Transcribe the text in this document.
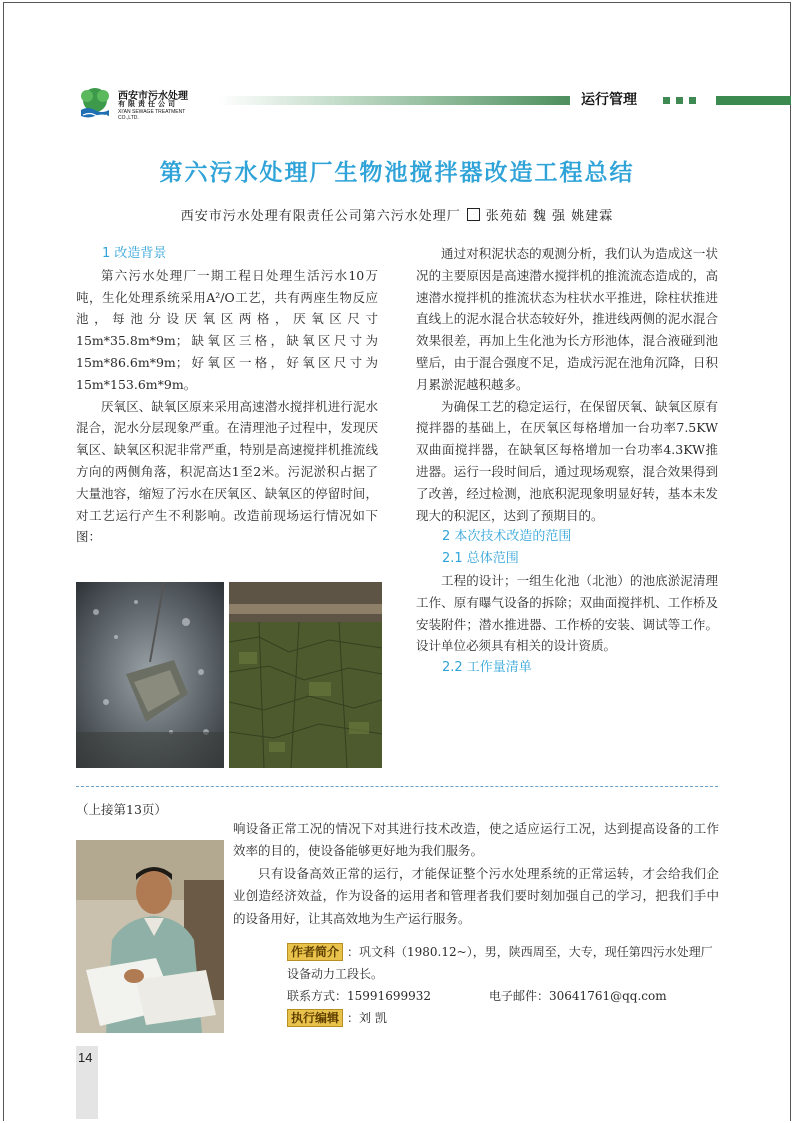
西安市污水处理
有限责任公司
XI'AN SEWAGE TREATMENT CO.,LTD.
运行管理
第六污水处理厂生物池搅拌器改造工程总结
西安市污水处理有限责任公司第六污水处理厂 张苑茹 魏 强 姚建霖
1 改造背景

第六污水处理厂一期工程日处理生活污水10万吨，生化处理系统采用A²/O工艺，共有两座生物反应池，每池分设厌氧区两格，厌氧区尺寸15m*35.8m*9m；缺氧区三格，缺氧区尺寸为15m*86.6m*9m；好氧区一格，好氧区尺寸为15m*153.6m*9m。

厌氧区、缺氧区原来采用高速潜水搅拌机进行泥水混合，泥水分层现象严重。在清理池子过程中，发现厌氧区、缺氧区积泥非常严重，特别是高速搅拌机推流线方向的两侧角落，积泥高达1至2米。污泥淤积占据了大量池容，缩短了污水在厌氧区、缺氧区的停留时间，对工艺运行产生不利影响。改造前现场运行情况如下图：

通过对积泥状态的观测分析，我们认为造成这一状况的主要原因是高速潜水搅拌机的推流流态造成的，高速潜水搅拌机的推流状态为柱状水平推进，除柱状推进直线上的泥水混合状态较好外，推进线两侧的泥水混合效果很差，再加上生化池为长方形池体，混合液碰到池壁后，由于混合强度不足，造成污泥在池角沉降，日积月累淤泥越积越多。

为确保工艺的稳定运行，在保留厌氧、缺氧区原有搅拌器的基础上，在厌氧区每格增加一台功率7.5KW双曲面搅拌器，在缺氧区每格增加一台功率4.3KW推进器。运行一段时间后，通过现场观察，混合效果得到了改善，经过检测，池底积泥现象明显好转，基本未发现大的积泥区，达到了预期目的。

2 本次技术改造的范围
2.1 总体范围

工程的设计；一组生化池（北池）的池底淤泥清理工作、原有曝气设备的拆除；双曲面搅拌机、工作桥及安装附件；潜水推进器、工作桥的安装、调试等工作。设计单位必须具有相关的设计资质。

2.2 工作量清单
（上接第13页）

响设备正常工况的情况下对其进行技术改造，使之适应运行工况，达到提高设备的工作效率的目的，使设备能够更好地为我们服务。

只有设备高效正常的运行，才能保证整个污水处理系统的正常运转，才会给我们企业创造经济效益，作为设备的运用者和管理者我们要时刻加强自己的学习，把我们手中的设备用好，让其高效地为生产运行服务。

作者简介 ：巩文科（1980.12~），男，陕西周至，大专，现任第四污水处理厂设备动力工段长。
联系方式：15991699932	电子邮件：30641761@qq.com
执行编辑 ：刘 凯
14
